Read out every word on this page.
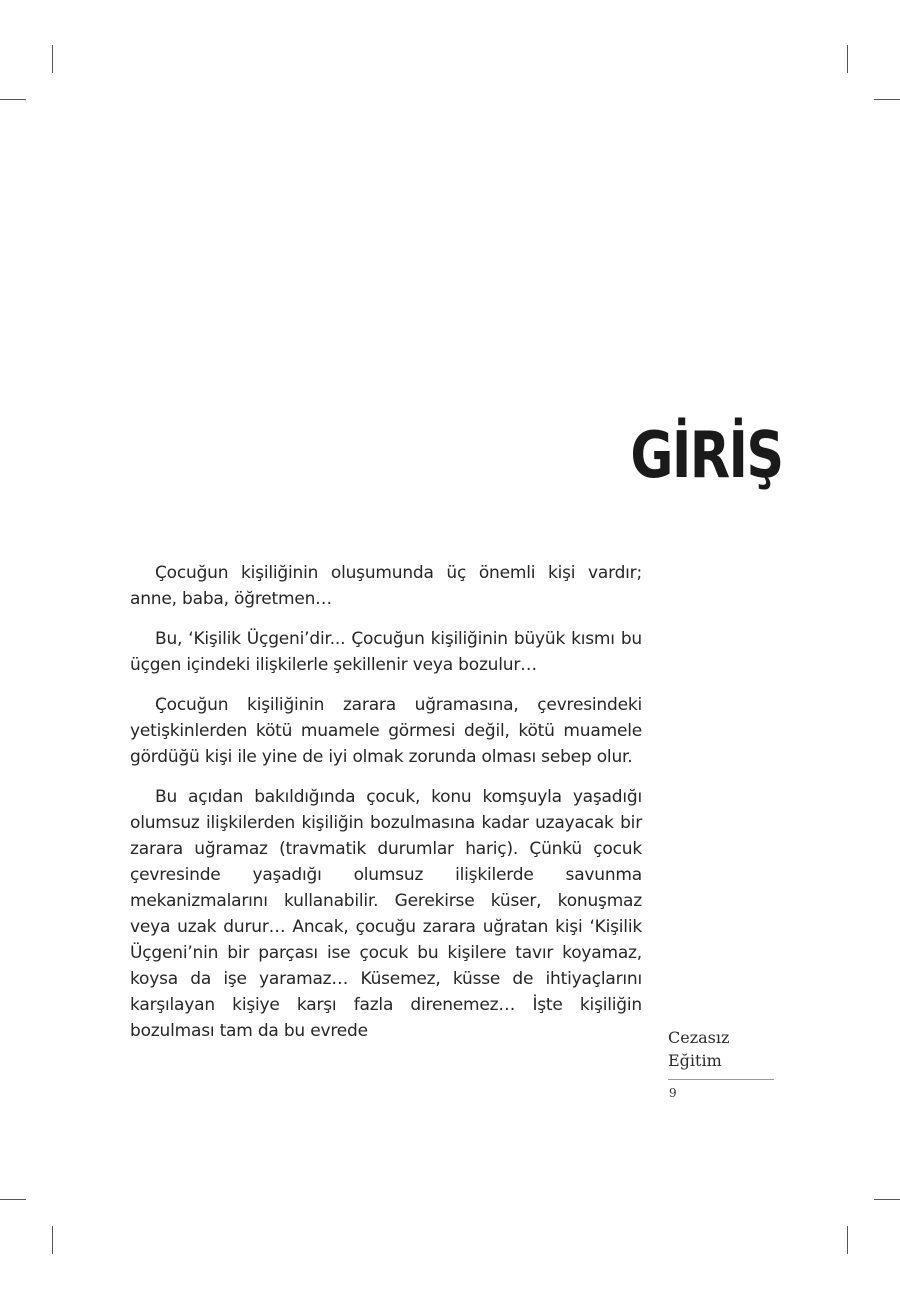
GİRİŞ

Çocuğun kişiliğinin oluşumunda üç önemli kişi vardır; anne, baba, öğretmen…

Bu, ‘Kişilik Üçgeni’dir... Çocuğun kişiliğinin büyük kısmı bu üçgen içindeki ilişkilerle şekillenir veya bozulur…

Çocuğun kişiliğinin zarara uğramasına, çevresindeki yetişkinlerden kötü muamele görmesi değil, kötü muamele gördüğü kişi ile yine de iyi olmak zorunda olması sebep olur.

Bu açıdan bakıldığında çocuk, konu komşuyla yaşadığı olumsuz ilişkilerden kişiliğin bozulmasına kadar uzayacak bir zarara uğramaz (travmatik durumlar hariç). Çünkü çocuk çevresinde yaşadığı olumsuz ilişkilerde savunma mekanizmalarını kullanabilir. Gerekirse küser, konuşmaz veya uzak durur… Ancak, çocuğu zarara uğratan kişi ‘Kişilik Üçgeni’nin bir parçası ise çocuk bu kişilere tavır koyamaz, koysa da işe yaramaz… Küsemez, küsse de ihtiyaçlarını karşılayan kişiye karşı fazla direnemez… İşte kişiliğin bozulması tam da bu evrede	Cezasız
Eğitim
9
